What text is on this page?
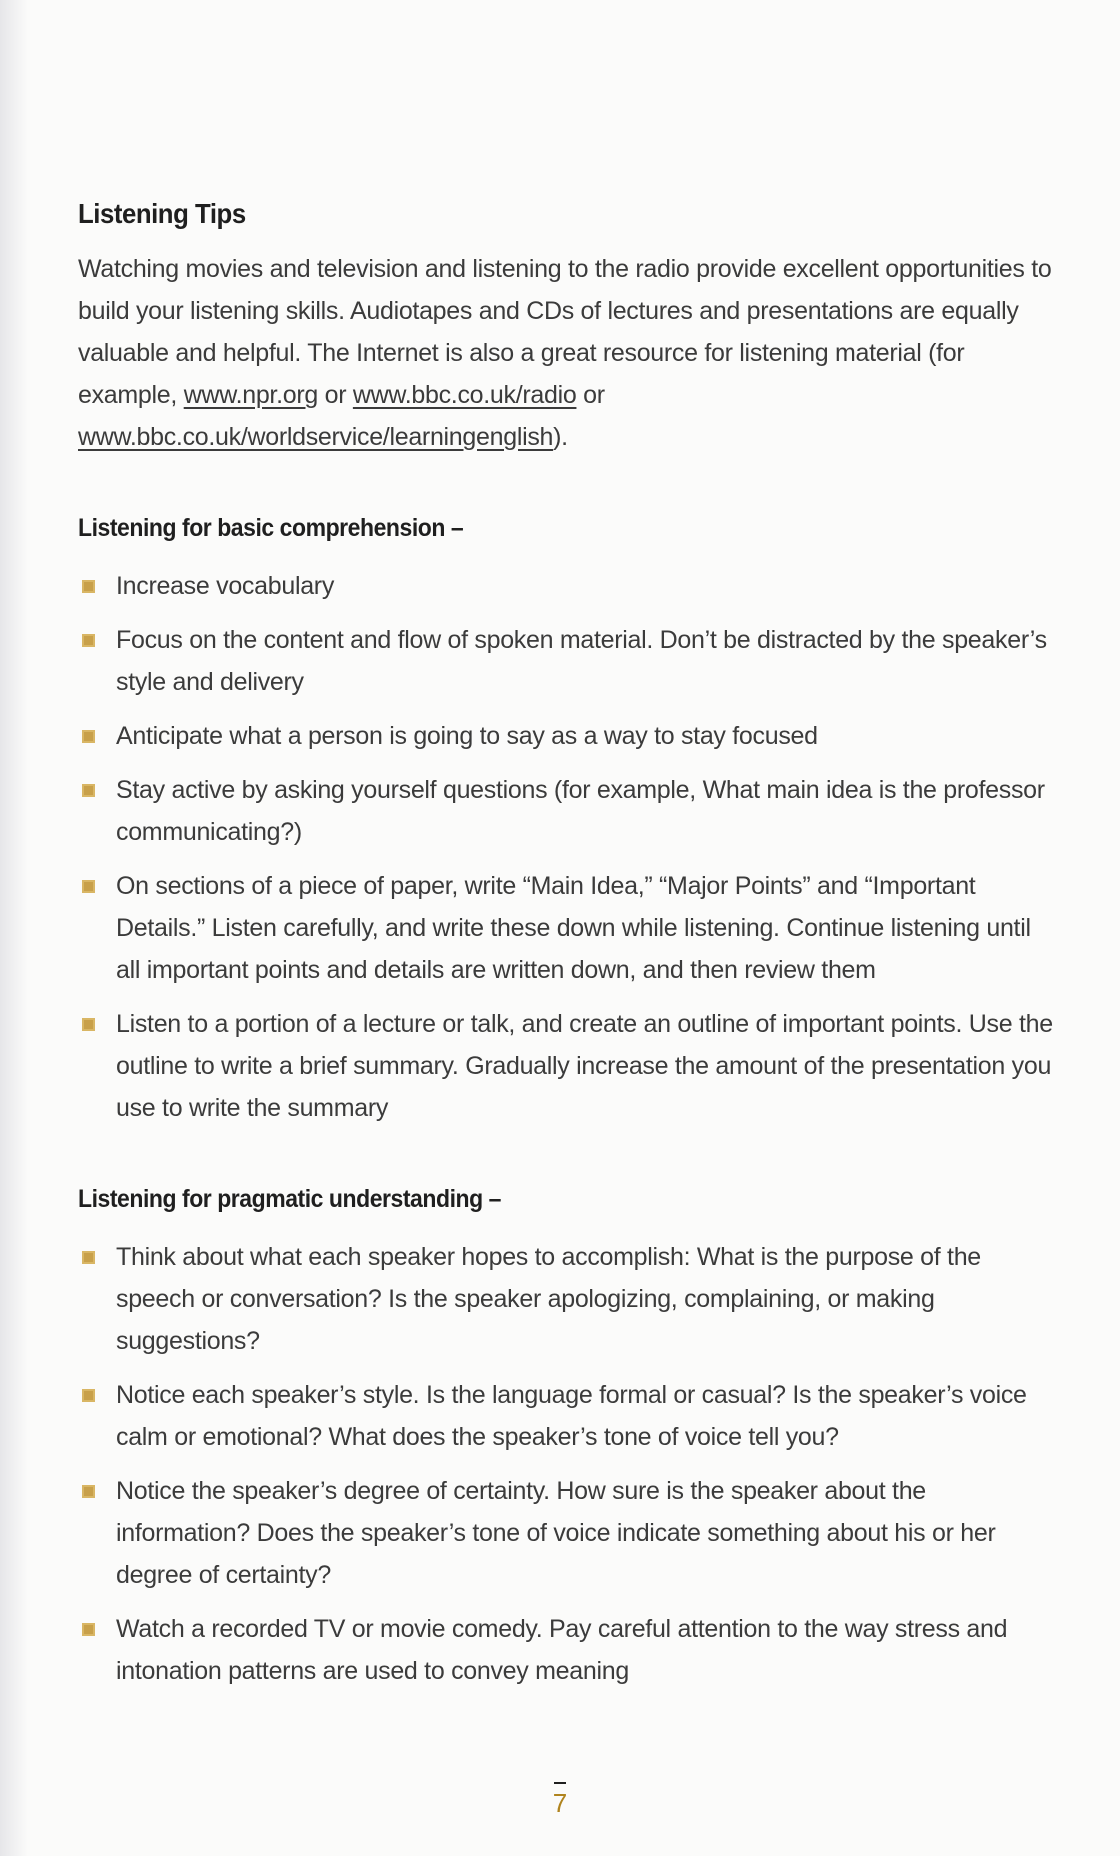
Listening Tips

Watching movies and television and listening to the radio provide excellent opportunities to build your listening skills. Audiotapes and CDs of lectures and presentations are equally valuable and helpful. The Internet is also a great resource for listening material (for example, www.npr.org or www.bbc.co.uk/radio or www.bbc.co.uk/worldservice/learningenglish).

Listening for basic comprehension –
Increase vocabulary
Focus on the content and flow of spoken material. Don’t be distracted by the speaker’s style and delivery
Anticipate what a person is going to say as a way to stay focused
Stay active by asking yourself questions (for example, What main idea is the professor communicating?)
On sections of a piece of paper, write “Main Idea,” “Major Points” and “Important Details.” Listen carefully, and write these down while listening. Continue listening until all important points and details are written down, and then review them
Listen to a portion of a lecture or talk, and create an outline of important points. Use the outline to write a brief summary. Gradually increase the amount of the presentation you use to write the summary
Listening for pragmatic understanding –
Think about what each speaker hopes to accomplish: What is the purpose of the speech or conversation? Is the speaker apologizing, complaining, or making suggestions?
Notice each speaker’s style. Is the language formal or casual? Is the speaker’s voice calm or emotional? What does the speaker’s tone of voice tell you?
Notice the speaker’s degree of certainty. How sure is the speaker about the information? Does the speaker’s tone of voice indicate something about his or her degree of certainty?
Watch a recorded TV or movie comedy. Pay careful attention to the way stress and intonation patterns are used to convey meaning
7
